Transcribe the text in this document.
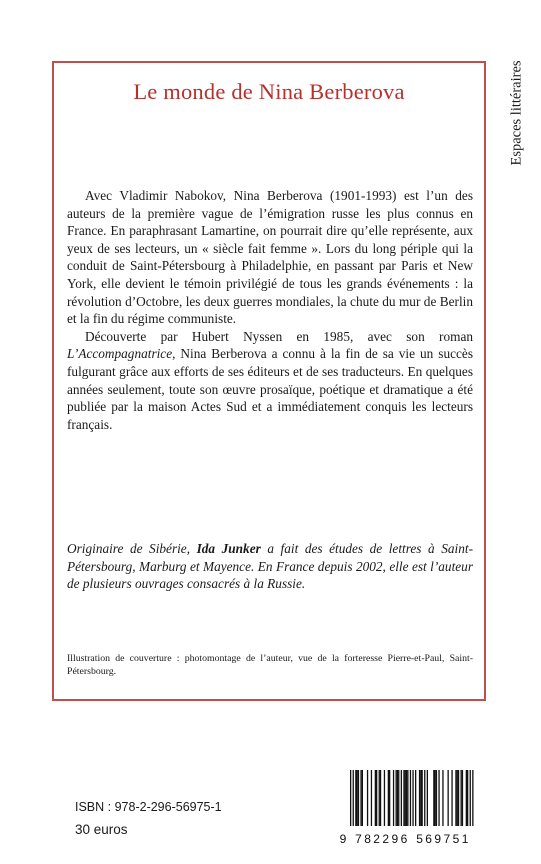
Le monde de Nina Berberova

Avec Vladimir Nabokov, Nina Berberova (1901-1993) est l’un des auteurs de la première vague de l’émigration russe les plus connus en France. En paraphrasant Lamartine, on pourrait dire qu’elle représente, aux yeux de ses lecteurs, un « siècle fait femme ». Lors du long périple qui la conduit de Saint-Pétersbourg à Philadelphie, en passant par Paris et New York, elle devient le témoin privilégié de tous les grands événements : la révolution d’Octobre, les deux guerres mondiales, la chute du mur de Berlin et la fin du régime communiste.

Découverte par Hubert Nyssen en 1985, avec son roman L’Accompagnatrice, Nina Berberova a connu à la fin de sa vie un succès fulgurant grâce aux efforts de ses éditeurs et de ses traducteurs. En quelques années seulement, toute son œuvre prosaïque, poétique et dramatique a été publiée par la maison Actes Sud et a immédiatement conquis les lecteurs français.

Originaire de Sibérie, Ida Junker a fait des études de lettres à Saint-Pétersbourg, Marburg et Mayence. En France depuis 2002, elle est l’auteur de plusieurs ouvrages consacrés à la Russie.
Illustration de couverture : photomontage de l’auteur, vue de la forteresse Pierre-et-Paul, Saint-Pétersbourg.
Espaces littéraires
ISBN : 978-2-296-56975-1
30 euros
9 7 8 2 2 9 6 5 6 9 7 5 1
